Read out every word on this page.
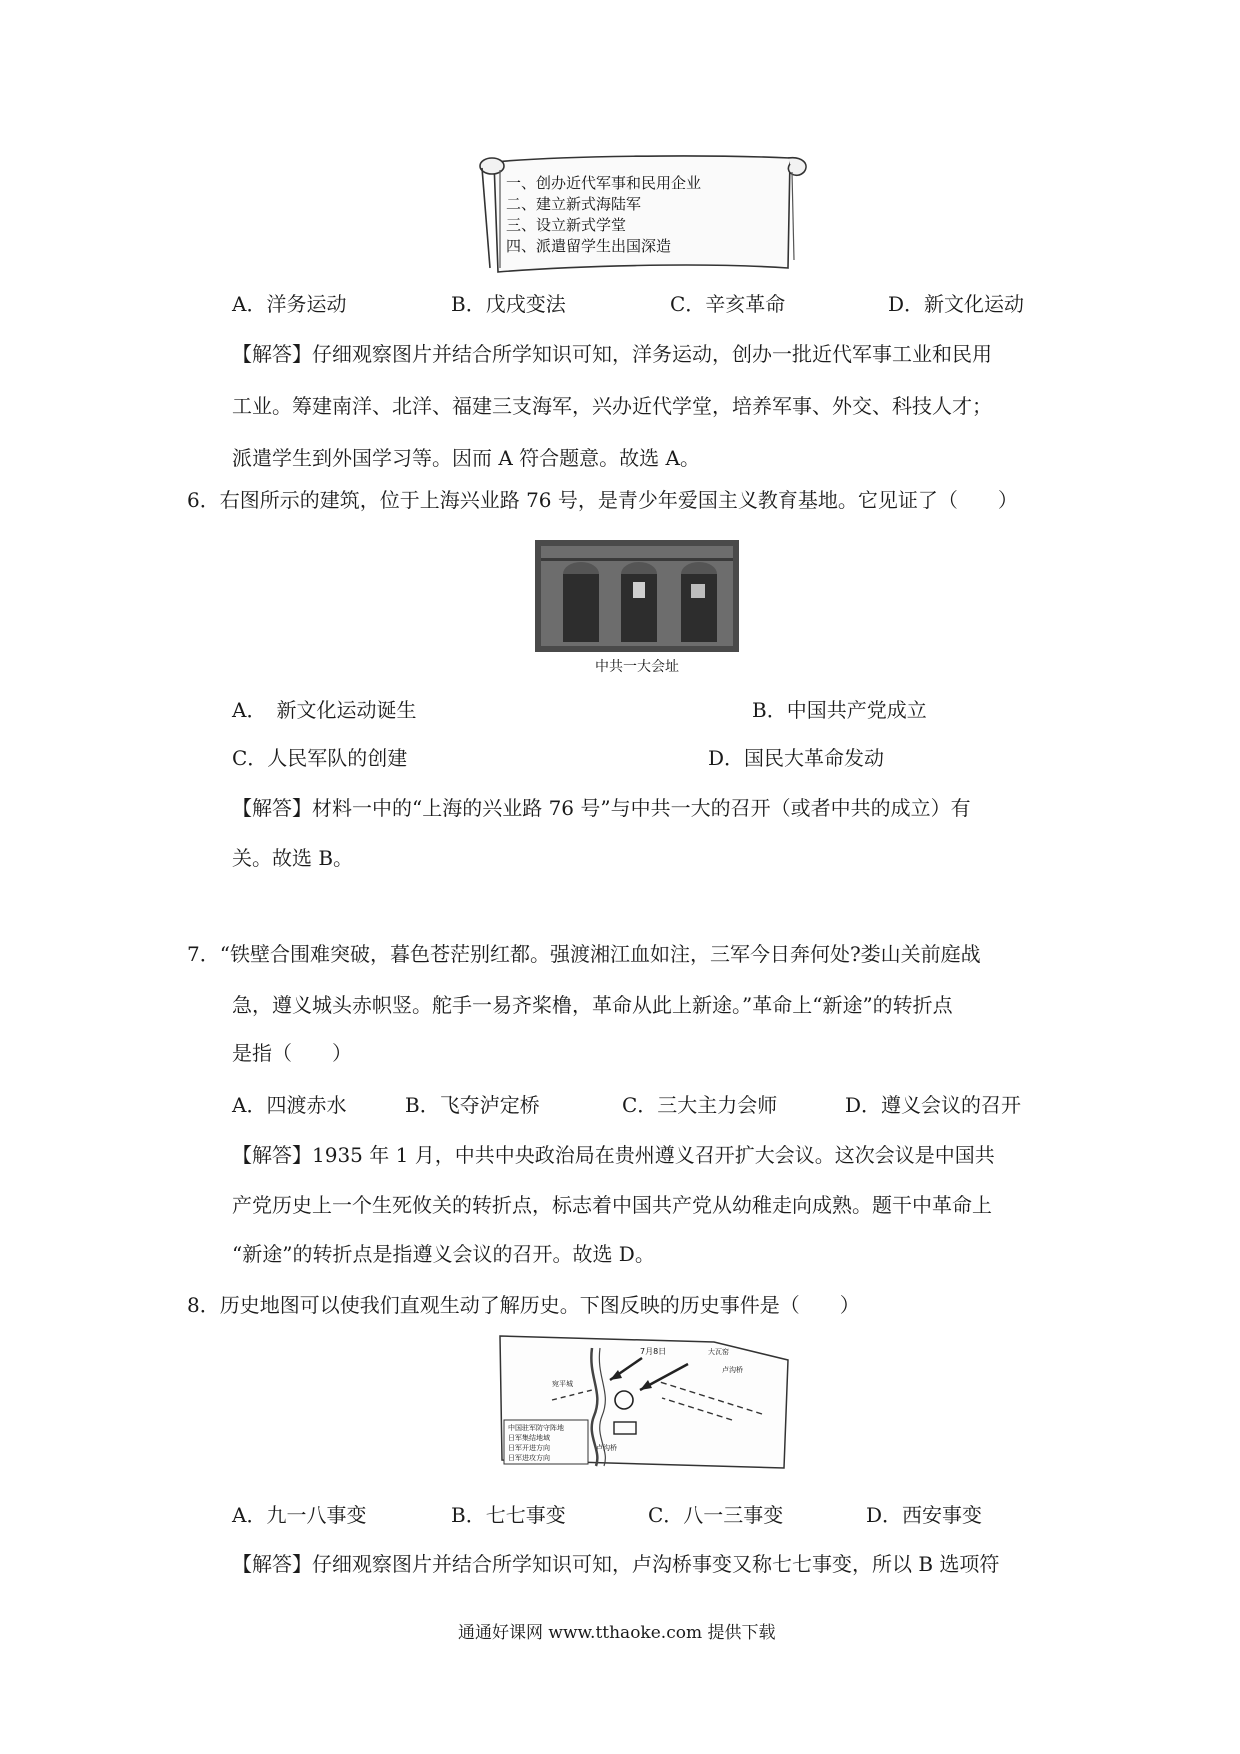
一、创办近代军事和民用企业
二、建立新式海陆军
三、设立新式学堂
四、派遣留学生出国深造
A．洋务运动	B．戊戌变法	C．辛亥革命	D．新文化运动
【解答】仔细观察图片并结合所学知识可知，洋务运动，创办一批近代军事工业和民用
工业。筹建南洋、北洋、福建三支海军，兴办近代学堂，培养军事、外交、科技人才；
派遣学生到外国学习等。因而 A 符合题意。故选 A。
6．右图所示的建筑，位于上海兴业路 76 号，是青少年爱国主义教育基地。它见证了（　　）
中共一大会址
A．　新文化运动诞生	B．中国共产党成立
C．人民军队的创建	D．国民大革命发动
【解答】材料一中的“上海的兴业路 76 号”与中共一大的召开（或者中共的成立）有
关。故选 B。
7．“铁壁合围难突破，暮色苍茫别红都。强渡湘江血如注，三军今日奔何处?娄山关前庭战
急，遵义城头赤帜竖。舵手一易齐桨橹，革命从此上新途。”革命上“新途”的转折点
是指（　　）
A．四渡赤水	B．飞夺泸定桥	C．三大主力会师	D．遵义会议的召开
【解答】1935 年 1 月，中共中央政治局在贵州遵义召开扩大会议。这次会议是中国共
产党历史上一个生死攸关的转折点，标志着中国共产党从幼稚走向成熟。题干中革命上
“新途”的转折点是指遵义会议的召开。故选 D。
8．历史地图可以使我们直观生动了解历史。下图反映的历史事件是（　　）
7月8日	大瓦窑
卢沟桥
宛平城
卢沟桥
中国驻军防守阵地
日军集结地域
日军开进方向
日军进攻方向
A．九一八事变	B．七七事变	C．八一三事变	D．西安事变
【解答】仔细观察图片并结合所学知识可知，卢沟桥事变又称七七事变，所以 B 选项符
通通好课网 www.tthaoke.com 提供下载
